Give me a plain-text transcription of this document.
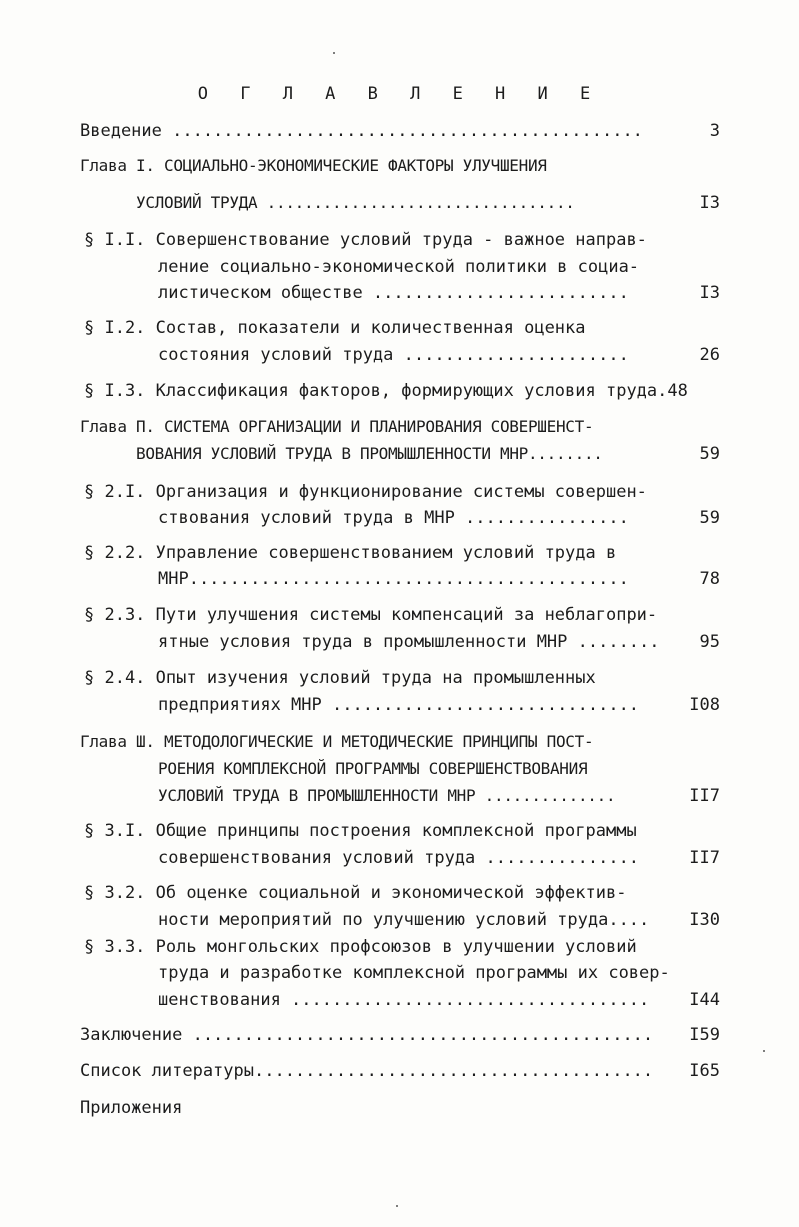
О Г Л А В Л Е Н И Е
Введение ..............................................	3
Глава I. СОЦИАЛЬНО-ЭКОНОМИЧЕСКИЕ ФАКТОРЫ УЛУЧШЕНИЯ
УСЛОВИЙ ТРУДА .................................	I3
§ I.I. Совершенствование условий труда - важное направ-
ление социально-экономической политики в социа-
листическом обществе .........................	I3
§ I.2. Состав, показатели и количественная оценка
состояния условий труда ......................	26
§ I.3. Классификация факторов, формирующих условия труда.48
Глава П. СИСТЕМА ОРГАНИЗАЦИИ И ПЛАНИРОВАНИЯ СОВЕРШЕНСТ-
ВОВАНИЯ УСЛОВИЙ ТРУДА В ПРОМЫШЛЕННОСТИ МНР........	59
§ 2.I. Организация и функционирование системы совершен-
ствования условий труда в МНР ................	59
§ 2.2. Управление совершенствованием условий труда в
МНР...........................................	78
§ 2.3. Пути улучшения системы компенсаций за неблагопри-
ятные условия труда в промышленности МНР ........	95
§ 2.4. Опыт изучения условий труда на промышленных
предприятиях МНР ..............................	I08
Глава Ш. МЕТОДОЛОГИЧЕСКИЕ И МЕТОДИЧЕСКИЕ ПРИНЦИПЫ ПОСТ-
РОЕНИЯ КОМПЛЕКСНОЙ ПРОГРАММЫ СОВЕРШЕНСТВОВАНИЯ
УСЛОВИЙ ТРУДА В ПРОМЫШЛЕННОСТИ МНР ..............	II7
§ 3.I. Общие принципы построения комплексной программы
совершенствования условий труда ...............	II7
§ 3.2. Об оценке социальной и экономической эффектив-
ности мероприятий по улучшению условий труда....	I30
§ 3.3. Роль монгольских профсоюзов в улучшении условий
труда и разработке комплексной программы их совер-
шенствования ...................................	I44
Заключение .............................................	I59
Список литературы.......................................	I65
Приложения
